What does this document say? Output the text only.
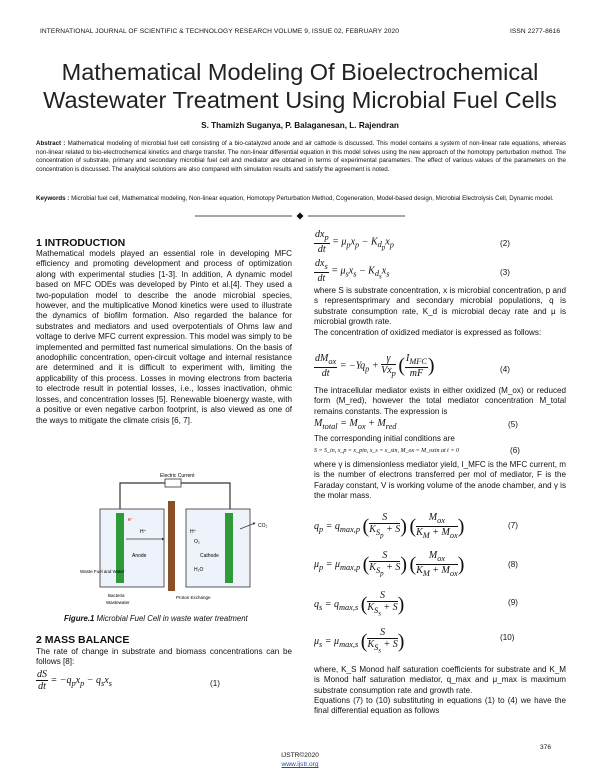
INTERNATIONAL JOURNAL OF SCIENTIFIC & TECHNOLOGY RESEARCH VOLUME 9, ISSUE 02, FEBRUARY 2020	ISSN 2277-8616
Mathematical Modeling Of Bioelectrochemical
Wastewater Treatment Using Microbial Fuel Cells
S. Thamizh Suganya, P. Balaganesan, L. Rajendran
Abstract : Mathematical modeling of microbial fuel cell consisting of a bio-catalyzed anode and air cathode is discussed. This model contains a system of non-linear rate equations, whereas non-linear related to bio-electrochemical kinetics and charge transfer. The non-linear differential equation in this model solves using the new approach of the homotopy perturbation method. The concentration of substrate, primary and secondary microbial fuel cell and mediator are obtained in terms of experimental parameters. The effect of various values of the parameters on the concentration is discussed. The analytical solutions are also compared with simulation results and satisfy the agreement is noted.
Keywords : Microbial fuel cell, Mathematical modeling, Non-linear equation, Homotopy Perturbation Method, Cogeneration, Model-based design, Microbial Electrolysis Cell, Dynamic model.
1 INTRODUCTION
Mathematical models played an essential role in developing MFC efficiency and promoting development and process of optimization along with experimental studies [1-3]. In addition, A dynamic model based on MFC ODEs was developed by Pinto et al.[4]. They used a two-population model to describe the anode microbial species, however, and the multiplicative Monod kinetics were used to illustrate the dynamics of biofilm formation. Also regarded the balance for substrates and mediators and used overpotentials of Ohms law and voltage to derive MFC current expression. This model was simply to be implemented and permitted fast numerical simulations. On the basis of anodophilic concentration, open-circuit voltage and internal resistance are determined and it is difficult to experiment with, limiting the applicability of this process. Losses in moving electrons from bacteria to electrode result in potential losses, i.e., losses inactivation, ohmic losses, and concentration losses [5]. Renewable bioenergy waste, with a positive or even negative carbon footprint, is also viewed as one of the ways to mitigate the climate crisis [6, 7].
Electric Current
Anode	Cathode
e⁻
H⁺	H⁺
O₂
H₂O
CO₂
Waste Fuel and Water
Bacteria
Wastewater
Proton Exchange
Figure.1 Microbial Fuel Cell in waste water treatment
2 MASS BALANCE
The rate of change in substrate and biomass concentrations can be follows [8]:
$\frac{dS}{dt} = -q_px_p - q_sx_s$	(1)
$\frac{dx_p}{dt} = \mu_px_p - K_{d_p}x_p$	(2)
$\frac{dx_s}{dt} = \mu_sx_s - K_{d_s}x_s$	(3)
where S is substrate concentration, x is microbial concentration, p and s representsprimary and secondary microbial populations, q is substrate consumption rate, K_d is microbial decay rate and μ is microbial growth rate.
The concentration of oxidized mediator is expressed as follows:
$\frac{dM_{ox}}{dt} = -Yq_p + \frac{\gamma}{Vx_p}$ ( $\frac{I_{MFC}}{mF}$ )	(4)
The intracellular mediator exists in either oxidized (M_ox) or reduced form (M_red), however the total mediator concentration M_total remains constants. The expression is
$M_{total} = M_{ox} + M_{red}$	(5)
The corresponding initial conditions are
S = S_in, x_p = x_pin, x_s = x_sin, M_ox = M_oxin at t = 0	(6)
where γ is dimensionless mediator yield, I_MFC is the MFC current, m is the number of electrons transferred per mol of mediator, F is the Faraday constant, V is working volume of the anode chamber, and γ is the molar mass.
$q_p = q_{max,p}$ ( $\frac{S}{K_{S_p} + S}$ ) ( $\frac{M_{ox}}{K_M + M_{ox}}$ )	(7)
$\mu_p = \mu_{max,p}$ ( $\frac{S}{K_{S_p} + S}$ ) ( $\frac{M_{ox}}{K_M + M_{ox}}$ )	(8)
$q_s = q_{max,s}$ ( $\frac{S}{K_{S_s} + S}$ )	(9)
$\mu_s = \mu_{max,s}$ ( $\frac{S}{K_{S_s} + S}$ )	(10)
where, K_S Monod half saturation coefficients for substrate and K_M is Monod half saturation mediator, q_max and μ_max is maximum substrate consumption rate and growth rate.
Equations (7) to (10) substituting in equations (1) to (4) we have the final differential equation as follows
376
IJSTR©2020
www.ijstr.org
